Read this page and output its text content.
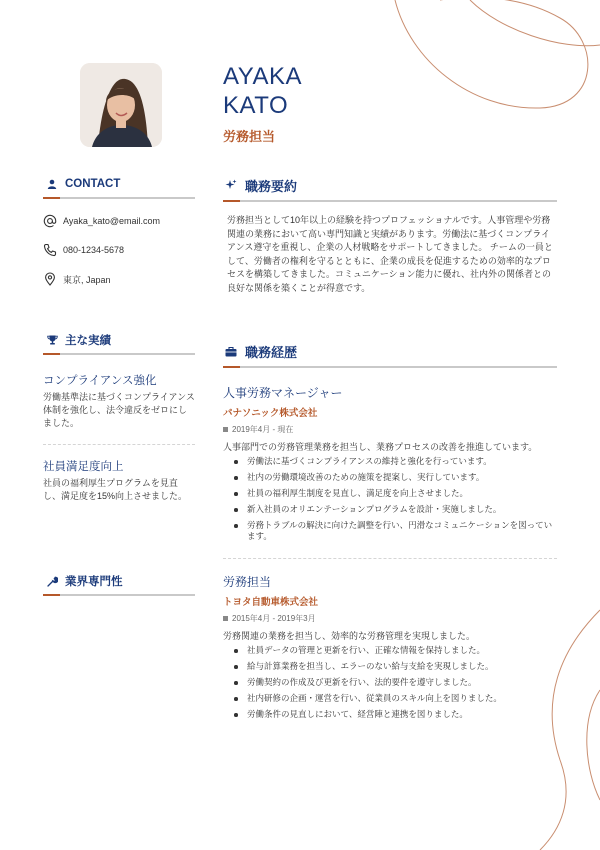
AYAKA
KATO
労務担当
CONTACT
Ayaka_kato@email.com
080-1234-5678
東京, Japan
主な実績
コンプライアンス強化
労働基準法に基づくコンプライアンス体制を強化し、法令違反をゼロにしました。
社員満足度向上
社員の福利厚生プログラムを見直し、満足度を15%向上させました。
業界専門性
職務要約
労務担当として10年以上の経験を持つプロフェッショナルです。人事管理や労務関連の業務において高い専門知識と実績があります。労働法に基づくコンプライアンス遵守を重視し、企業の人材戦略をサポートしてきました。 チームの一員として、労働者の権利を守るとともに、企業の成長を促進するための効率的なプロセスを構築してきました。コミュニケーション能力に優れ、社内外の関係者との良好な関係を築くことが得意です。
職務経歴
人事労務マネージャー
パナソニック株式会社
2019年4月 - 現在
人事部門での労務管理業務を担当し、業務プロセスの改善を推進しています。
労働法に基づくコンプライアンスの維持と強化を行っています。
社内の労働環境改善のための施策を提案し、実行しています。
社員の福利厚生制度を見直し、満足度を向上させました。
新入社員のオリエンテーションプログラムを設計・実施しました。
労務トラブルの解決に向けた調整を行い、円滑なコミュニケーションを図っています。
労務担当
トヨタ自動車株式会社
2015年4月 - 2019年3月
労務関連の業務を担当し、効率的な労務管理を実現しました。
社員データの管理と更新を行い、正確な情報を保持しました。
給与計算業務を担当し、エラーのない給与支給を実現しました。
労働契約の作成及び更新を行い、法的要件を遵守しました。
社内研修の企画・運営を行い、従業員のスキル向上を図りました。
労働条件の見直しにおいて、経営陣と連携を図りました。
